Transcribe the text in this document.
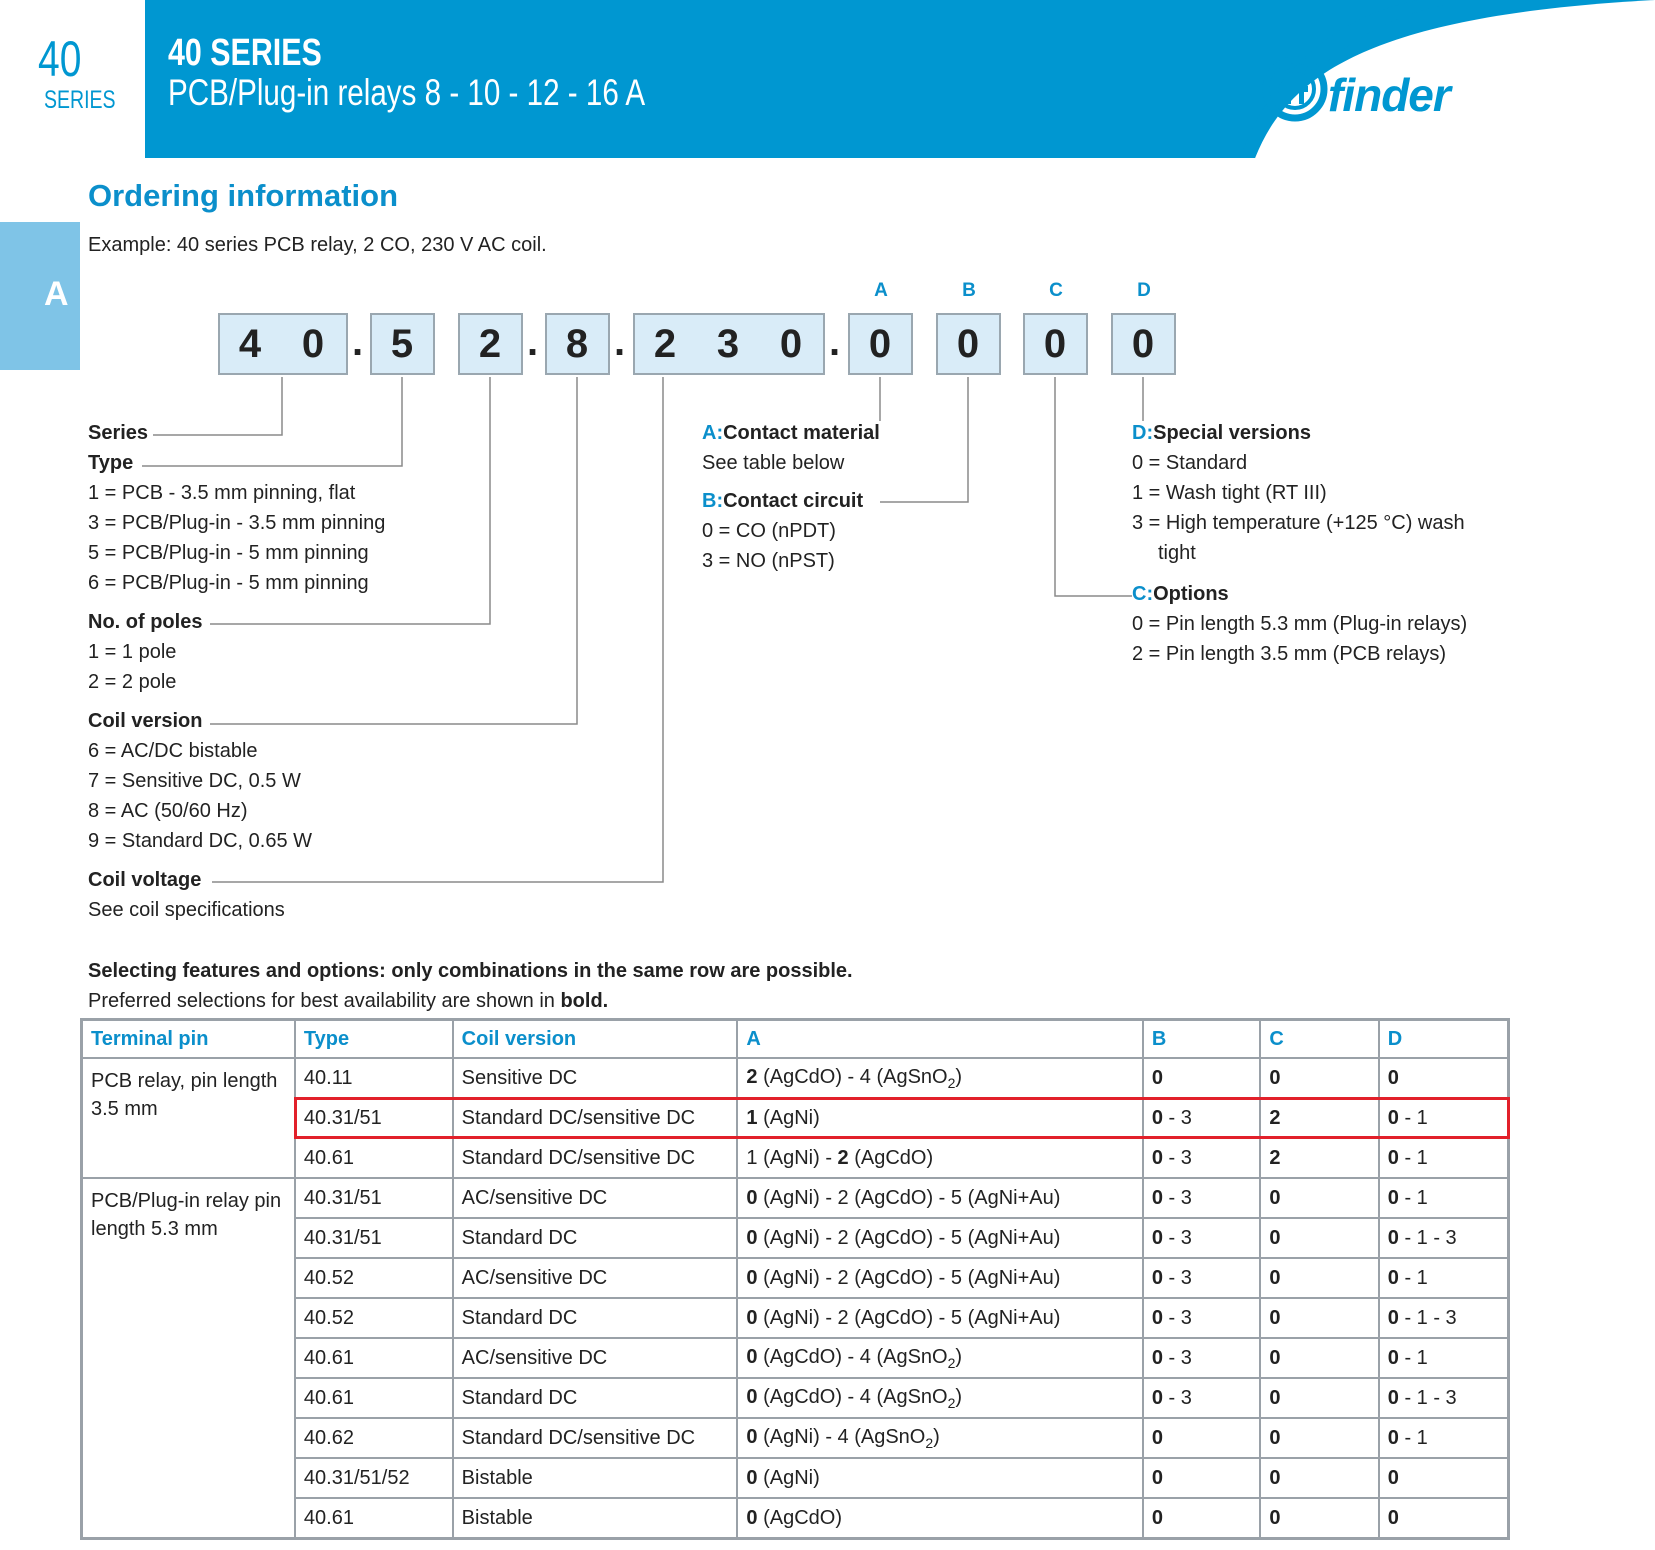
40
SERIES
40 SERIES
PCB/Plug-in relays 8 - 10 - 12 - 16 A	finder
A
Ordering information
Example: 40 series PCB relay, 2 CO, 230 V AC coil.
4 0 5 2 8 2 3 0 0 0 0 0
.	. .	.
A	B	C	D
Series
Type
1 = PCB - 3.5 mm pinning, flat
3 = PCB/Plug-in - 3.5 mm pinning
5 = PCB/Plug-in - 5 mm pinning
6 = PCB/Plug-in - 5 mm pinning
No. of poles
1 = 1 pole
2 = 2 pole
Coil version
6 = AC/DC bistable
7 = Sensitive DC, 0.5 W
8 = AC (50/60 Hz)
9 = Standard DC, 0.65 W
Coil voltage
See coil specifications
A:Contact material
See table below
B:Contact circuit
0 = CO (nPDT)
3 = NO (nPST)
D:Special versions
0 = Standard
1 = Wash tight (RT III)
3 = High temperature (+125 °C) wash
tight
C:Options
0 = Pin length 5.3 mm (Plug-in relays)
2 = Pin length 3.5 mm (PCB relays)
Selecting features and options: only combinations in the same row are possible.
Preferred selections for best availability are shown in bold.
Terminal pin	Type	Coil version	A	B	C	D
PCB relay, pin length 3.5 mm	40.11	Sensitive DC	2 (AgCdO) - 4 (AgSnO$_2$)	0	0	0
	40.31/51	Standard DC/sensitive DC	1 (AgNi)	0 - 3	2	0 - 1
	40.61	Standard DC/sensitive DC	1 (AgNi) - 2 (AgCdO)	0 - 3	2	0 - 1
PCB/Plug-in relay pin length 5.3 mm	40.31/51	AC/sensitive DC	0 (AgNi) - 2 (AgCdO) - 5 (AgNi+Au)	0 - 3	0	0 - 1
	40.31/51	Standard DC	0 (AgNi) - 2 (AgCdO) - 5 (AgNi+Au)	0 - 3	0	0 - 1 - 3
	40.52	AC/sensitive DC	0 (AgNi) - 2 (AgCdO) - 5 (AgNi+Au)	0 - 3	0	0 - 1
	40.52	Standard DC	0 (AgNi) - 2 (AgCdO) - 5 (AgNi+Au)	0 - 3	0	0 - 1 - 3
	40.61	AC/sensitive DC	0 (AgCdO) - 4 (AgSnO$_2$)	0 - 3	0	0 - 1
	40.61	Standard DC	0 (AgCdO) - 4 (AgSnO$_2$)	0 - 3	0	0 - 1 - 3
	40.62	Standard DC/sensitive DC	0 (AgNi) - 4 (AgSnO$_2$)	0	0	0 - 1
	40.31/51/52	Bistable	0 (AgNi)	0	0	0
	40.61	Bistable	0 (AgCdO)	0	0	0
